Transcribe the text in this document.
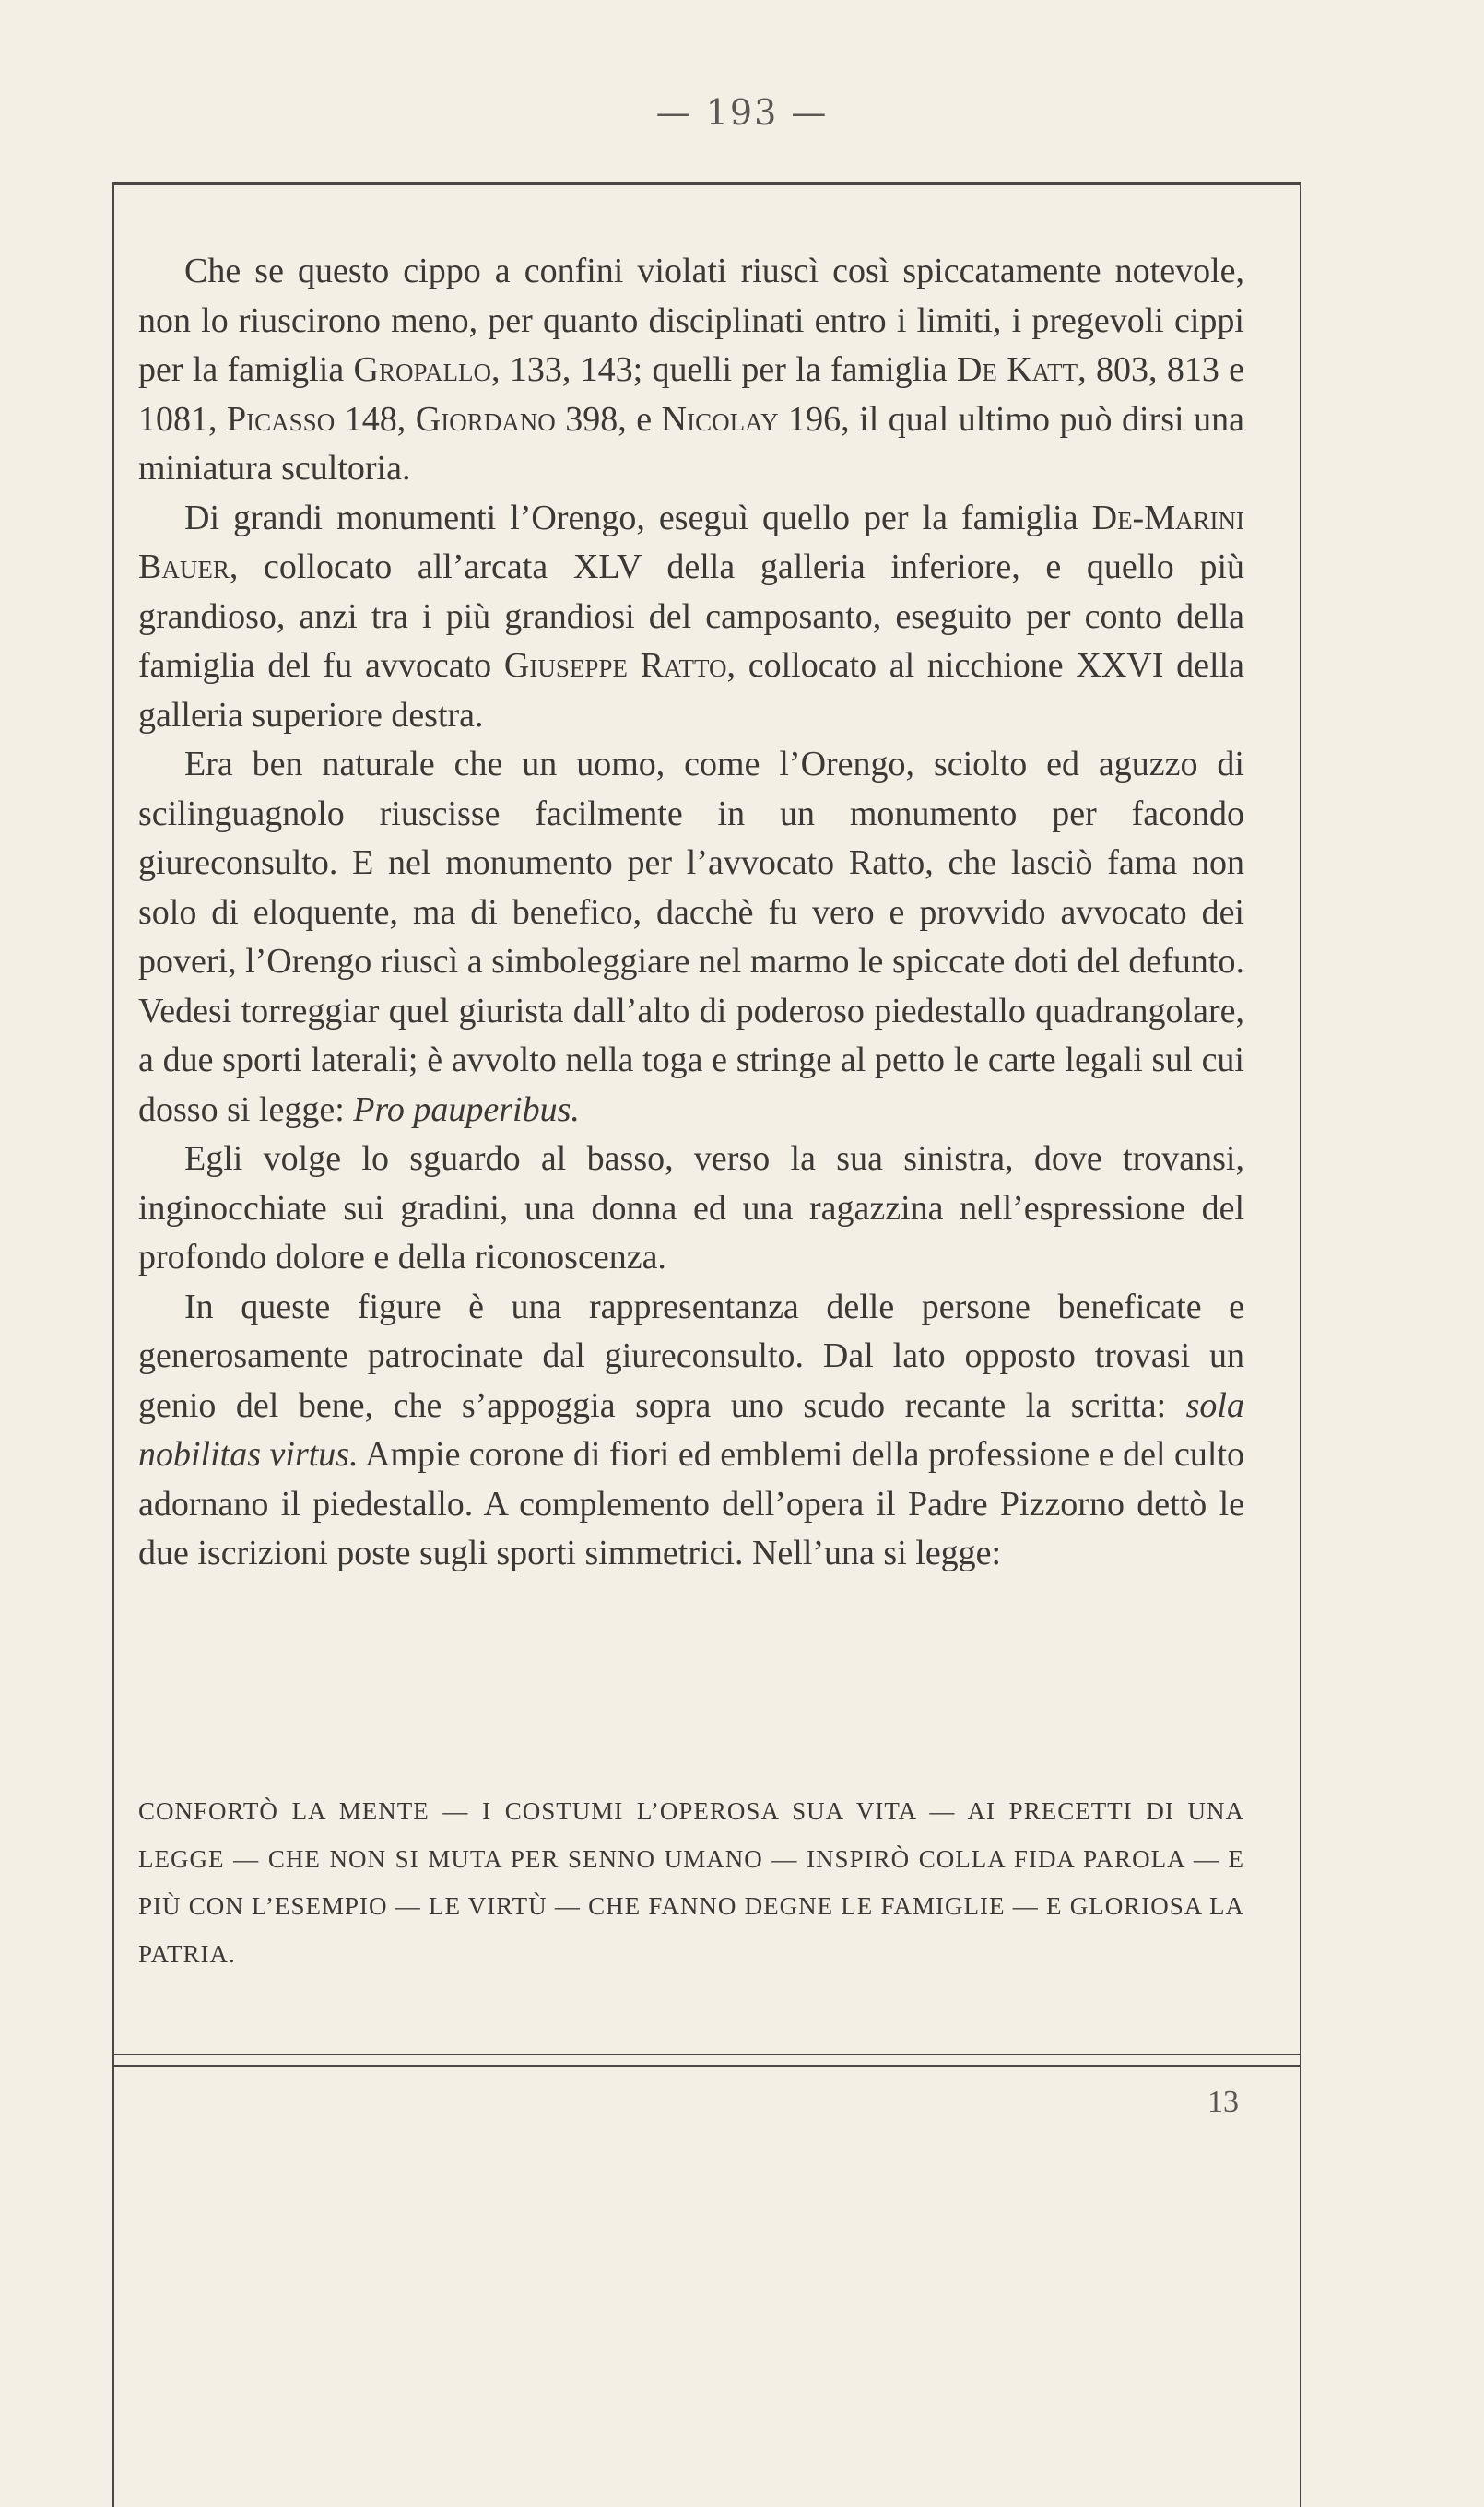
— 193 —

Che se questo cippo a confini violati riuscì così spiccatamente notevole, non lo riuscirono meno, per quanto disciplinati entro i limiti, i pregevoli cippi per la famiglia Gropallo, 133, 143; quelli per la famiglia De Katt, 803, 813 e 1081, Picasso 148, Giordano 398, e Nicolay 196, il qual ultimo può dirsi una miniatura scultoria.

Di grandi monumenti l’Orengo, eseguì quello per la famiglia De-Marini Bauer, collocato all’arcata XLV della galleria inferiore, e quello più grandioso, anzi tra i più grandiosi del camposanto, eseguito per conto della famiglia del fu avvocato Giuseppe Ratto, collocato al nicchione XXVI della galleria superiore destra.

Era ben naturale che un uomo, come l’Orengo, sciolto ed aguzzo di scilinguagnolo riuscisse facilmente in un monumento per facondo giureconsulto. E nel monumento per l’avvocato Ratto, che lasciò fama non solo di eloquente, ma di benefico, dacchè fu vero e provvido avvocato dei poveri, l’Orengo riuscì a simboleggiare nel marmo le spiccate doti del defunto. Vedesi torreggiar quel giurista dall’alto di poderoso piedestallo quadrangolare, a due sporti laterali; è avvolto nella toga e stringe al petto le carte legali sul cui dosso si legge: Pro pauperibus.

Egli volge lo sguardo al basso, verso la sua sinistra, dove trovansi, inginocchiate sui gradini, una donna ed una ragazzina nell’espressione del profondo dolore e della riconoscenza.

In queste figure è una rappresentanza delle persone beneficate e generosamente patrocinate dal giureconsulto. Dal lato opposto trovasi un genio del bene, che s’appoggia sopra uno scudo recante la scritta: sola nobilitas virtus. Ampie corone di fiori ed emblemi della professione e del culto adornano il piedestallo. A complemento dell’opera il Padre Pizzorno dettò le due iscrizioni poste sugli sporti simmetrici. Nell’una si legge:

CONFORTÒ LA MENTE — I COSTUMI L’OPEROSA SUA VITA — AI PRECETTI DI UNA LEGGE — CHE NON SI MUTA PER SENNO UMANO — INSPIRÒ COLLA FIDA PAROLA — E PIÙ CON L’ESEMPIO — LE VIRTÙ — CHE FANNO DEGNE LE FAMIGLIE — E GLORIOSA LA PATRIA.
13
